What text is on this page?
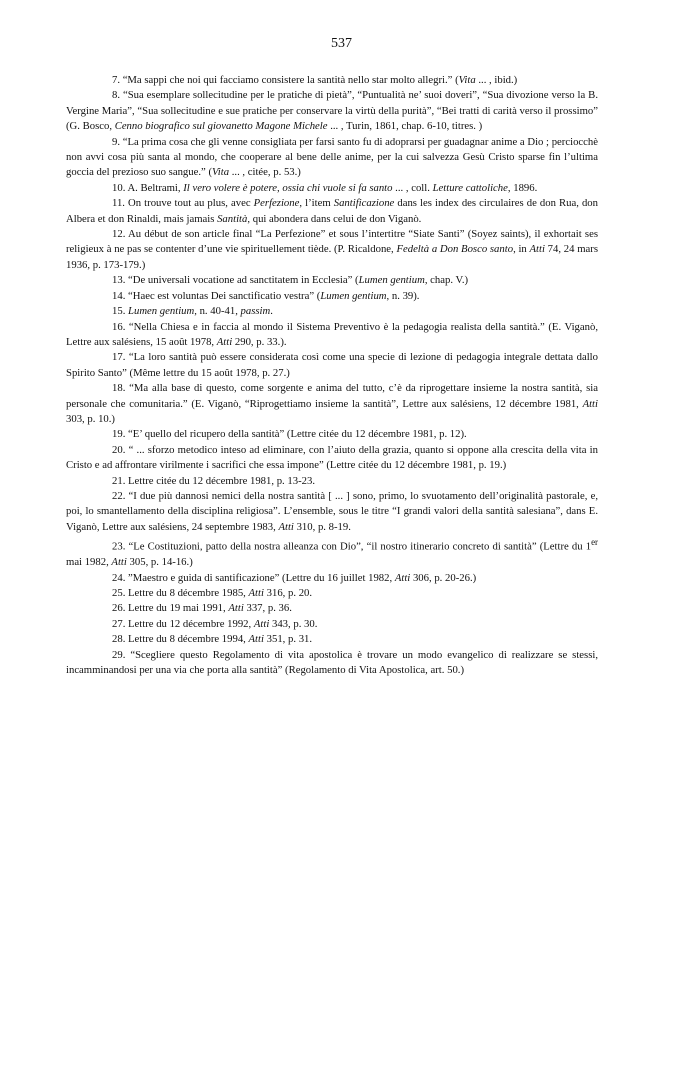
537

7. “Ma sappi che noi qui facciamo consistere la santità nello star molto allegri.” (Vita ... , ibid.)

8. “Sua esemplare sollecitudine per le pratiche di pietà”, “Puntualità ne’ suoi doveri”, “Sua divozione verso la B. Vergine Maria”, “Sua sollecitudine e sue pratiche per conservare la virtù della purità”, “Bei tratti di carità verso il prossimo” (G. Bosco, Cenno biografico sul giovanetto Magone Michele ... , Turin, 1861, chap. 6-10, titres. )

9. “La prima cosa che gli venne consigliata per farsi santo fu di adoprarsi per guadagnar anime a Dio ; perciocchè non avvi cosa più santa al mondo, che cooperare al bene delle anime, per la cui salvezza Gesù Cristo sparse fin l’ultima goccia del prezioso suo sangue.” (Vita ... , citée, p. 53.)

10. A. Beltrami, Il vero volere è potere, ossia chi vuole si fa santo ... , coll. Letture cattoliche, 1896.

11. On trouve tout au plus, avec Perfezione, l’item Santificazione dans les index des circulaires de don Rua, don Albera et don Rinaldi, mais jamais Santità, qui abondera dans celui de don Viganò.

12. Au début de son article final “La Perfezione” et sous l’intertitre “Siate Santi” (Soyez saints), il exhortait ses religieux à ne pas se contenter d’une vie spirituellement tiède. (P. Ricaldone, Fedeltà a Don Bosco santo, in Atti 74, 24 mars 1936, p. 173-179.)

13. “De universali vocatione ad sanctitatem in Ecclesia” (Lumen gentium, chap. V.)

14. “Haec est voluntas Dei sanctificatio vestra” (Lumen gentium, n. 39).

15. Lumen gentium, n. 40-41, passim.

16. “Nella Chiesa e in faccia al mondo il Sistema Preventivo è la pedagogia realista della santità.” (E. Viganò, Lettre aux salésiens, 15 août 1978, Atti 290, p. 33.).

17. “La loro santità può essere considerata così come una specie di lezione di pedagogia integrale dettata dallo Spirito Santo” (Même lettre du 15 août 1978, p. 27.)

18. “Ma alla base di questo, come sorgente e anima del tutto, c’è da riprogettare insieme la nostra santità, sia personale che comunitaria.” (E. Viganò, “Riprogettiamo insieme la santità”, Lettre aux salésiens, 12 décembre 1981, Atti 303, p. 10.)

19. “E’ quello del ricupero della santità” (Lettre citée du 12 décembre 1981, p. 12).

20. “ ... sforzo metodico inteso ad eliminare, con l’aiuto della grazia, quanto si oppone alla crescita della vita in Cristo e ad affrontare virilmente i sacrifici che essa impone” (Lettre citée du 12 décembre 1981, p. 19.)

21. Lettre citée du 12 décembre 1981, p. 13-23.

22. “I due più dannosi nemici della nostra santità [ ... ] sono, primo, lo svuotamento dell’originalità pastorale, e, poi, lo smantellamento della disciplina religiosa”. L’ensemble, sous le titre “I grandi valori della santità salesiana”, dans E. Viganò, Lettre aux salésiens, 24 septembre 1983, Atti 310, p. 8-19.

23. “Le Costituzioni, patto della nostra alleanza con Dio”, “il nostro itinerario concreto di santità” (Lettre du 1er mai 1982, Atti 305, p. 14-16.)

24. ”Maestro e guida di santificazione” (Lettre du 16 juillet 1982, Atti 306, p. 20-26.)

25. Lettre du 8 décembre 1985, Atti 316, p. 20.

26. Lettre du 19 mai 1991, Atti 337, p. 36.

27. Lettre du 12 décembre 1992, Atti 343, p. 30.

28. Lettre du 8 décembre 1994, Atti 351, p. 31.

29. “Scegliere questo Regolamento di vita apostolica è trovare un modo evangelico di realizzare se stessi, incamminandosi per una via che porta alla santità” (Regolamento di Vita Apostolica, art. 50.)
